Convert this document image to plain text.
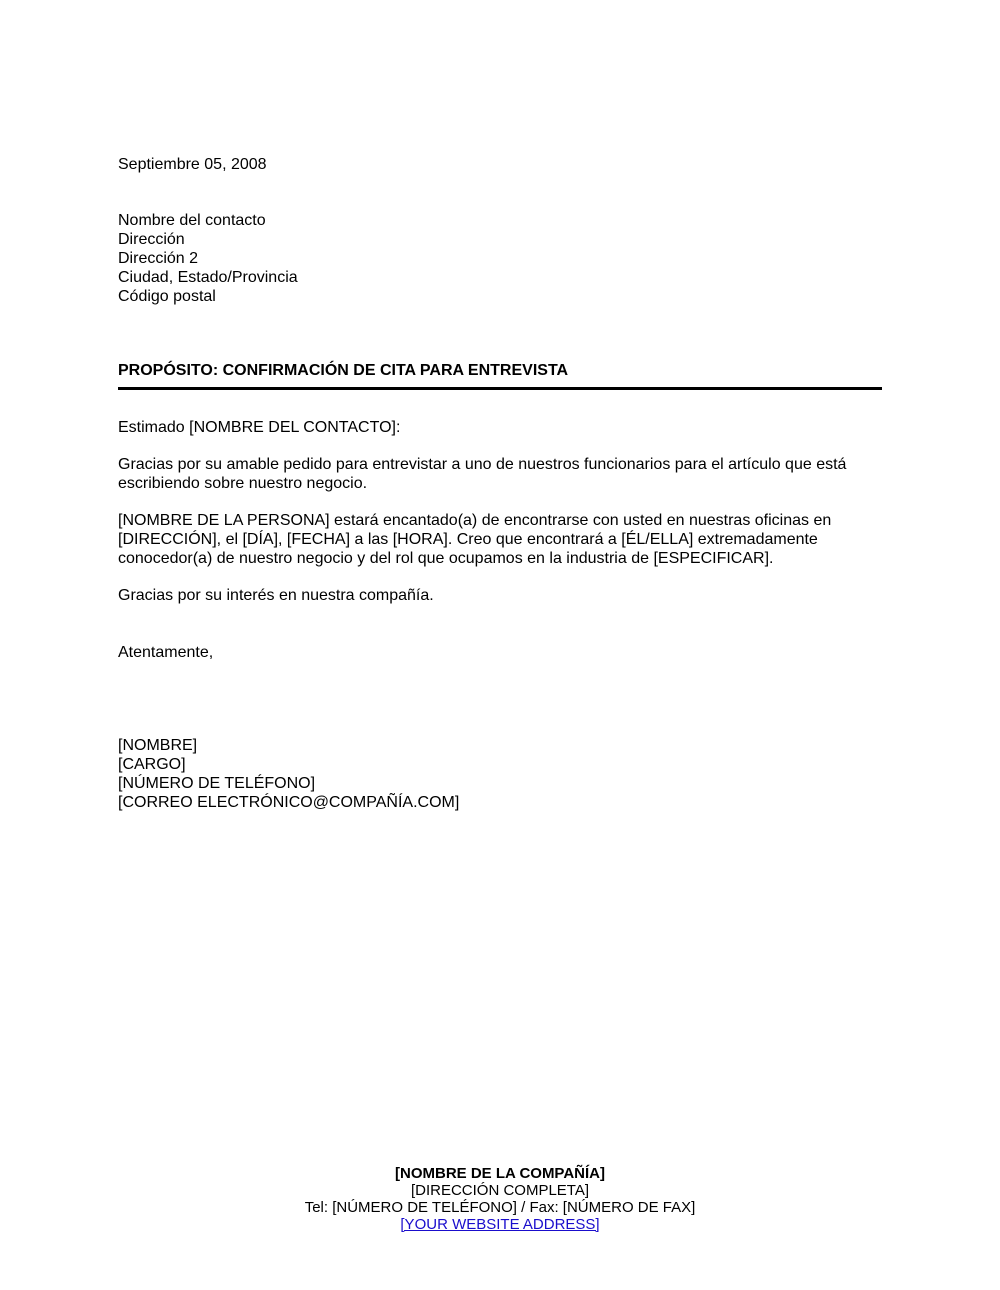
Septiembre 05, 2008
Nombre del contacto
Dirección
Dirección 2
Ciudad, Estado/Provincia
Código postal
PROPÓSITO: CONFIRMACIÓN DE CITA PARA ENTREVISTA
Estimado [NOMBRE DEL CONTACTO]:
Gracias por su amable pedido para entrevistar a uno de nuestros funcionarios para el artículo que está
escribiendo sobre nuestro negocio.
[NOMBRE DE LA PERSONA] estará encantado(a) de encontrarse con usted en nuestras oficinas en
[DIRECCIÓN], el [DÍA], [FECHA] a las [HORA]. Creo que encontrará a [ÉL/ELLA] extremadamente
conocedor(a) de nuestro negocio y del rol que ocupamos en la industria de [ESPECIFICAR].
Gracias por su interés en nuestra compañía.
Atentamente,
[NOMBRE]
[CARGO]
[NÚMERO DE TELÉFONO]
[CORREO ELECTRÓNICO@COMPAÑÍA.COM]
[NOMBRE DE LA COMPAÑÍA]
[DIRECCIÓN COMPLETA]
Tel: [NÚMERO DE TELÉFONO] / Fax: [NÚMERO DE FAX]
[YOUR WEBSITE ADDRESS]
